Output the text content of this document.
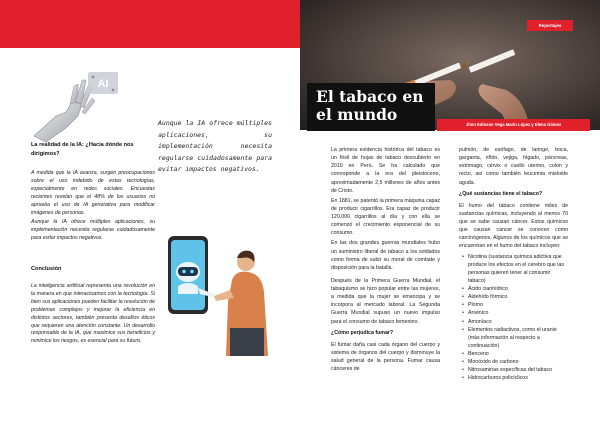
AI
La realidad de la IA: ¿Hacia dónde nos dirigimos?

A medida que la IA avanza, surgen preocupaciones sobre el uso indebido de estas tecnologías, especialmente en redes sociales. Encuestas recientes revelan que el 48% de los usuarios no aprueba el uso de IA generativa para modificar imágenes de personas.

Aunque la IA ofrece múltiples aplicaciones, su implementación necesita regularse cuidadosamente para evitar impactos negativos.

Conclusión
La inteligencia artificial representa una revolución en la manera en que interactuamos con la tecnología. Si bien sus aplicaciones pueden facilitar la resolución de problemas complejos y mejorar la eficiencia en distintos sectores, también presenta desafíos éticos que requieren una atención constante. Un desarrollo responsable de la IA, que maximice sus beneficios y minimice los riesgos, es esencial para su futuro.
Aunque la IA ofrece múltiples aplicaciones, su implementación necesita regularse cuidadosamente para evitar impactos negativos.
Reportajes
El tabaco en el mundo
Jhon Edinson Vega Marín López y Elena Gómez

La primera evidencia histórica del tabaco es un fósil de hojas de tabaco descubierto en 2010 en Perú. Se ha calculado que corresponde a la era del pleistoceno, aproximadamente 2,5 millones de años antes de Cristo.

En 1881, se patentó la primera máquina capaz de producir cigarrillos. Era capaz de producir 120.000 cigarrillos al día y con ella se comenzó el crecimiento exponencial de su consumo.

En las dos grandes guerras mundiales hubo un suministro liberal de tabaco a los soldados como forma de subir su moral de combate y disposición para la batalla.

Después de la Primera Guerra Mundial, el tabaquismo se hizo popular entre las mujeres, a medida que la mujer se emancipa y se incorpora al mercado laboral. La Segunda Guerra Mundial supuso un nuevo impulso para el consumo de tabaco femenino.

¿Cómo perjudica fumar?

El fumar daña casi cada órgano del cuerpo y sistema de órganos del cuerpo y disminuye la salud general de la persona. Fumar causa cánceres de

pulmón, de esófago, de laringe, boca, garganta, riñón, vejiga, hígado, páncreas, estómago, cérvix o cuello uterino, colon y recto, así como también leucemia mieloide aguda.

¿Qué sustancias tiene el tabaco?

El humo del tabaco contiene miles de sustancias químicas, incluyendo al menos 70 que se sabe causan cáncer. Estos químicos que causan cáncer se conocen como carcinógenos. Algunos de los químicos que se encuentran en el humo del tabaco incluyen:

• Nicotina (sustancia química adictiva que produce los efectos en el cerebro que las personas quieren tener al consumir tabaco)
• Ácido cianhídrico
• Aldehído fórmico
• Plomo
• Arsénico
• Amoníaco
• Elementos radiactivos, como el uranio (más información al respecto a continuación)
• Benceno
• Monóxido de carbono
• Nitrosaminas específicas del tabaco
• Hidrocarburos policíclicos
